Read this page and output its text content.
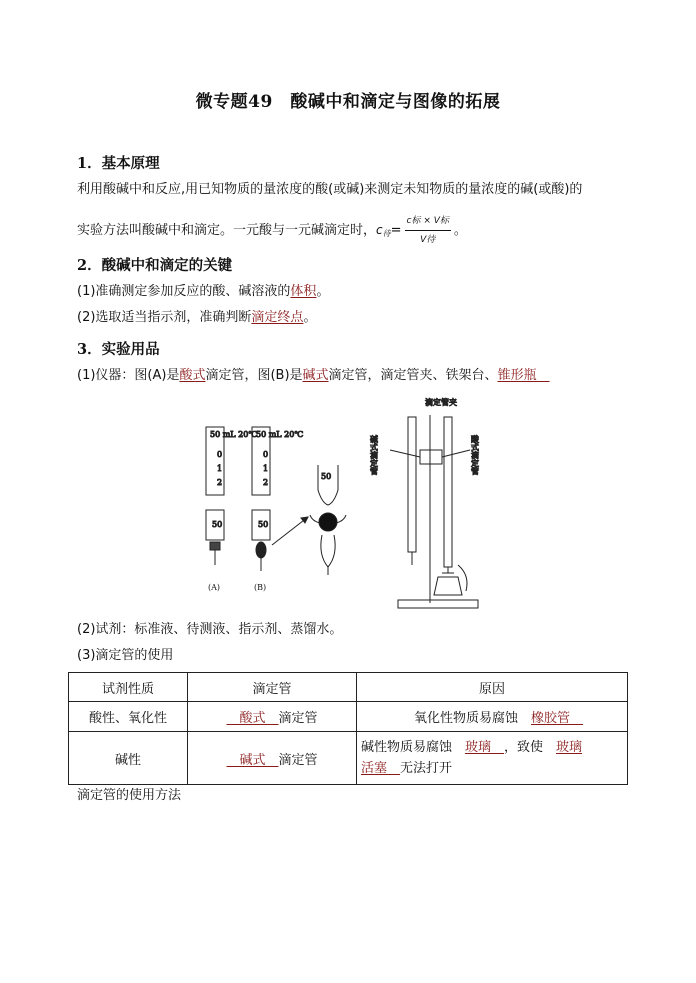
微专题49　酸碱中和滴定与图像的拓展
1．基本原理
利用酸碱中和反应,用已知物质的量浓度的酸(或碱)来测定未知物质的量浓度的碱(或酸)的
实验方法叫酸碱中和滴定。一元酸与一元碱滴定时，$c_待= \frac{\text{c标 × V标}}{\text{V待}}$ 。
2．酸碱中和滴定的关键
(1)准确测定参加反应的酸、碱溶液的体积。
(2)选取适当指示剂，准确判断滴定终点。
3．实验用品
(1)仪器：图(A)是酸式滴定管，图(B)是碱式滴定管，滴定管夹、铁架台、锥形瓶　
50 mL 20℃
0
1
2
50
(A)
50 mL 20℃
0
1
2
50
(B)
50
滴定管夹
碱式滴定管	酸式滴定管
(2)试剂：标准液、待测液、指示剂、蒸馏水。
(3)滴定管的使用
试剂性质	滴定管	原因
酸性、氧化性	　酸式　滴定管	氧化性物质易腐蚀　橡胶管　
碱性	　碱式　滴定管	碱性物质易腐蚀　玻璃　，致使　玻璃
活塞　无法打开
滴定管的使用方法
